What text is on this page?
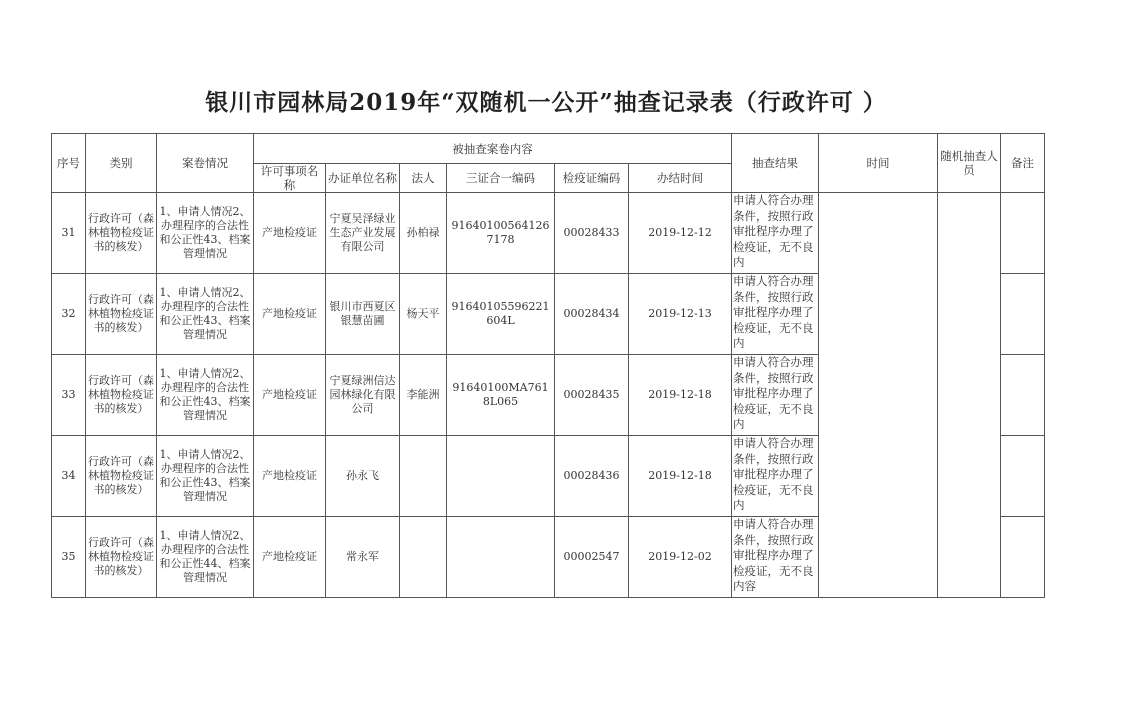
银川市园林局2019年“双随机一公开”抽查记录表（行政许可 ）
序号	类别	案卷情况	被抽查案卷内容						抽查结果	时间	随机抽查人员	备注
			许可事项名称	办证单位名称	法人	三证合一编码	检疫证编码	办结时间				
31	行政许可（森林植物检疫证书的核发）	1、申请人情况2、办理程序的合法性和公正性43、档案管理情况	产地检疫证	宁夏吴泽绿业生态产业发展有限公司	孙柏禄	916401005641267178	00028433	2019-12-12	申请人符合办理条件，按照行政审批程序办理了检疫证，无不良内			

32	行政许可（森林植物检疫证书的核发）	1、申请人情况2、办理程序的合法性和公正性43、档案管理情况	产地检疫证	银川市西夏区银慧苗圃	杨天平	91640105596221604L	00028434	2019-12-13	申请人符合办理条件，按照行政审批程序办理了检疫证，无不良内			

33	行政许可（森林植物检疫证书的核发）	1、申请人情况2、办理程序的合法性和公正性43、档案管理情况	产地检疫证	宁夏绿洲信达园林绿化有限公司	李能洲	91640100MA7618L065	00028435	2019-12-18	申请人符合办理条件，按照行政审批程序办理了检疫证，无不良内			

34	行政许可（森林植物检疫证书的核发）	1、申请人情况2、办理程序的合法性和公正性43、档案管理情况	产地检疫证	孙永飞			00028436	2019-12-18	申请人符合办理条件，按照行政审批程序办理了检疫证，无不良内			

35	行政许可（森林植物检疫证书的核发）	1、申请人情况2、办理程序的合法性和公正性44、档案管理情况	产地检疫证	常永军			00002547	2019-12-02	申请人符合办理条件，按照行政审批程序办理了检疫证，无不良内容			
